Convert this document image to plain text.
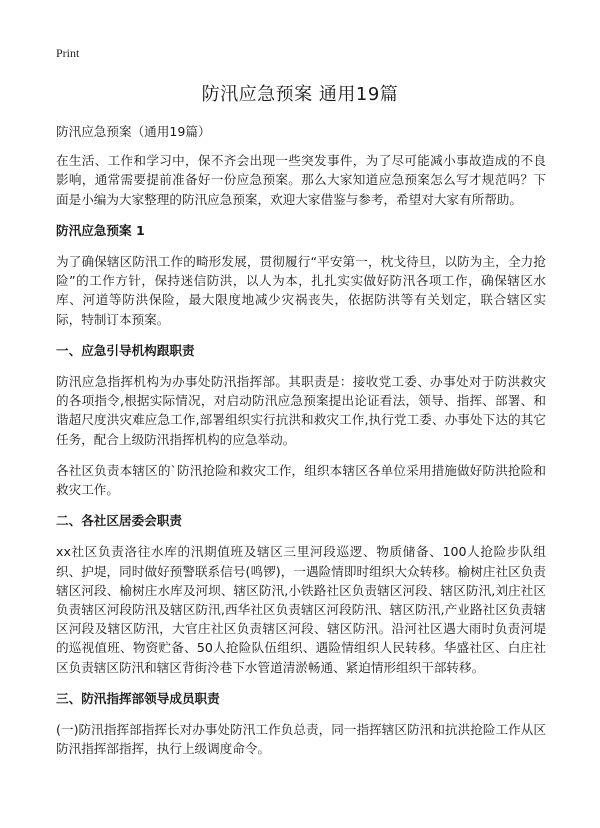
Print
防汛应急预案 通用19篇

防汛应急预案（通用19篇）

在生活、工作和学习中，保不齐会出现一些突发事件，为了尽可能减小事故造成的不良影响，通常需要提前准备好一份应急预案。那么大家知道应急预案怎么写才规范吗？下面是小编为大家整理的防汛应急预案，欢迎大家借鉴与参考，希望对大家有所帮助。

防汛应急预案 1

为了确保辖区防汛工作的畸形发展，贯彻履行“平安第一，枕戈待旦，以防为主，全力抢险”的工作方针，保持迷信防洪，以人为本，扎扎实实做好防汛各项工作，确保辖区水库、河道等防洪保险，最大限度地减少灾祸丧失，依据防洪等有关划定，联合辖区实际，特制订本预案。

一、应急引导机构跟职责

防汛应急指挥机构为办事处防汛指挥部。其职责是：接收党工委、办事处对于防洪救灾的各项指令,根据实际情况，对启动防汛应急预案提出论证看法，领导、指挥、部署、和谐超尺度洪灾难应急工作,部署组织实行抗洪和救灾工作,执行党工委、办事处下达的其它任务，配合上级防汛指挥机构的应急举动。

各社区负责本辖区的`防汛抢险和救灾工作，组织本辖区各单位采用措施做好防洪抢险和救灾工作。

二、各社区居委会职责

xx社区负责洛往水库的汛期值班及辖区三里河段巡逻、物质储备、100人抢险步队组织、护堤，同时做好预警联系信号(鸣锣)，一遇险情即时组织大众转移。榆树庄社区负责辖区河段、榆树庄水库及河坝、辖区防汛,小铁路社区负责辖区河段、辖区防汛,刘庄社区负责辖区河段防汛及辖区防汛,西华社区负责辖区河段防汛、辖区防汛,产业路社区负责辖区河段及辖区防汛，大官庄社区负责辖区河段、辖区防汛。沿河社区遇大雨时负责河堤的巡视值班、物资贮备、50人抢险队伍组织、遇险情组织人民转移。华盛社区、白庄社区负责辖区防汛和辖区背街泠巷下水管道清淤畅通、紧迫情形组织干部转移。

三、防汛指挥部领导成员职责

(一)防汛指挥部指挥长对办事处防汛工作负总责，同一指挥辖区防汛和抗洪抢险工作从区防汛指挥部指挥，执行上级调度命令。
